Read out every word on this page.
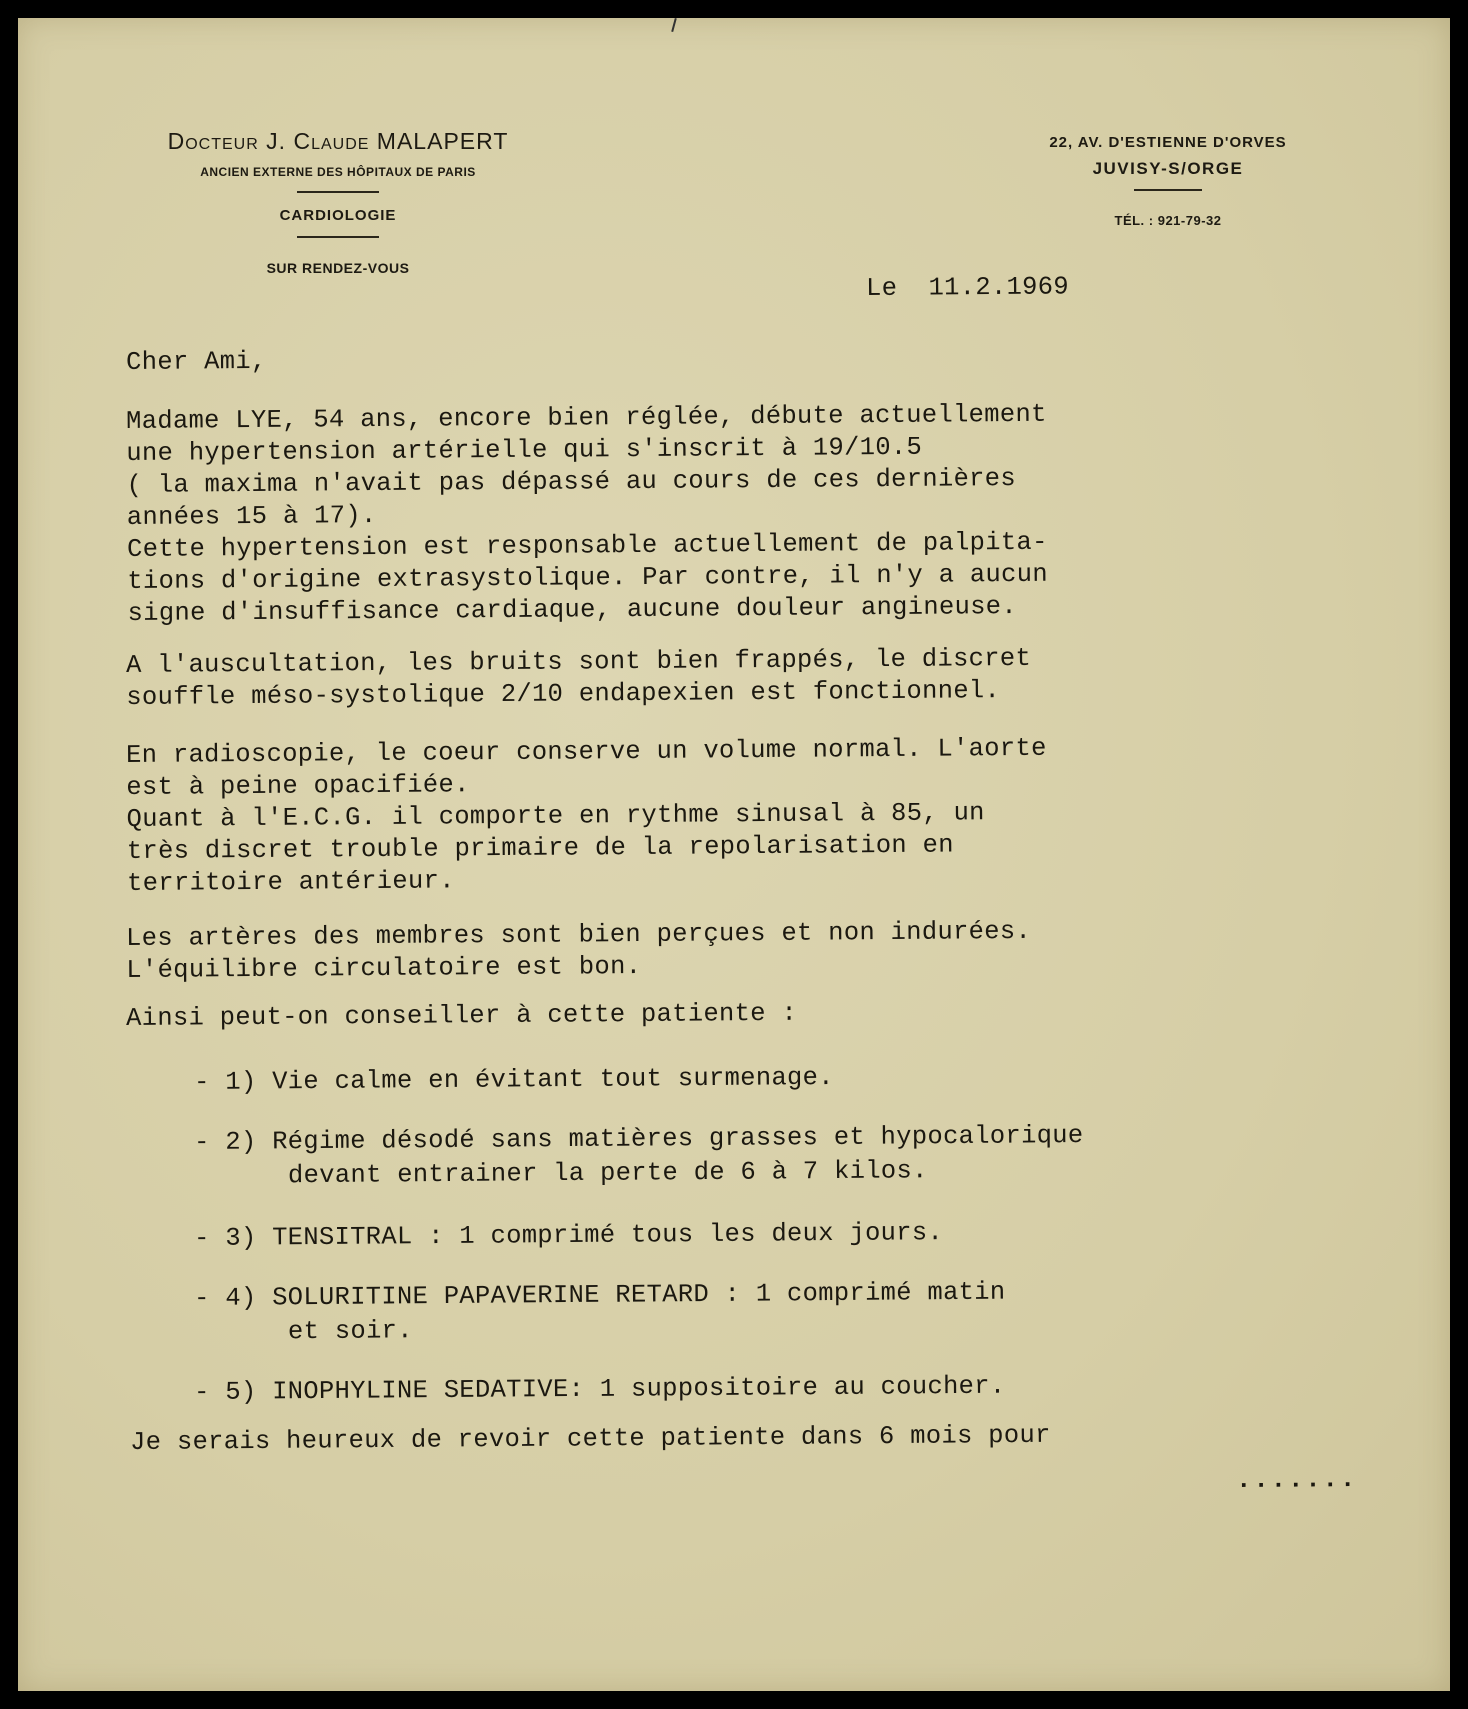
Docteur J. Claude MALAPERT
ANCIEN EXTERNE DES HÔPITAUX DE PARIS
CARDIOLOGIE
SUR RENDEZ-VOUS
22, AV. D'ESTIENNE D'ORVES
JUVISY-S/ORGE
TÉL. : 921-79-32
Le  11.2.1969
Cher Ami,
Madame LYE, 54 ans, encore bien réglée, débute actuellement
une hypertension artérielle qui s'inscrit à 19/10.5
( la maxima n'avait pas dépassé au cours de ces dernières
années 15 à 17).
Cette hypertension est responsable actuellement de palpita-
tions d'origine extrasystolique. Par contre, il n'y a aucun
signe d'insuffisance cardiaque, aucune douleur angineuse.
A l'auscultation, les bruits sont bien frappés, le discret
souffle méso-systolique 2/10 endapexien est fonctionnel.
En radioscopie, le coeur conserve un volume normal. L'aorte
est à peine opacifiée.
Quant à l'E.C.G. il comporte en rythme sinusal à 85, un
très discret trouble primaire de la repolarisation en
territoire antérieur.
Les artères des membres sont bien perçues et non indurées.
L'équilibre circulatoire est bon.
Ainsi peut-on conseiller à cette patiente :
- 1) Vie calme en évitant tout surmenage.
- 2) Régime désodé sans matières grasses et hypocalorique
devant entrainer la perte de 6 à 7 kilos.
- 3) TENSITRAL : 1 comprimé tous les deux jours.
- 4) SOLURITINE PAPAVERINE RETARD : 1 comprimé matin
et soir.
- 5) INOPHYLINE SEDATIVE: 1 suppositoire au coucher.
Je serais heureux de revoir cette patiente dans 6 mois pour
.......
